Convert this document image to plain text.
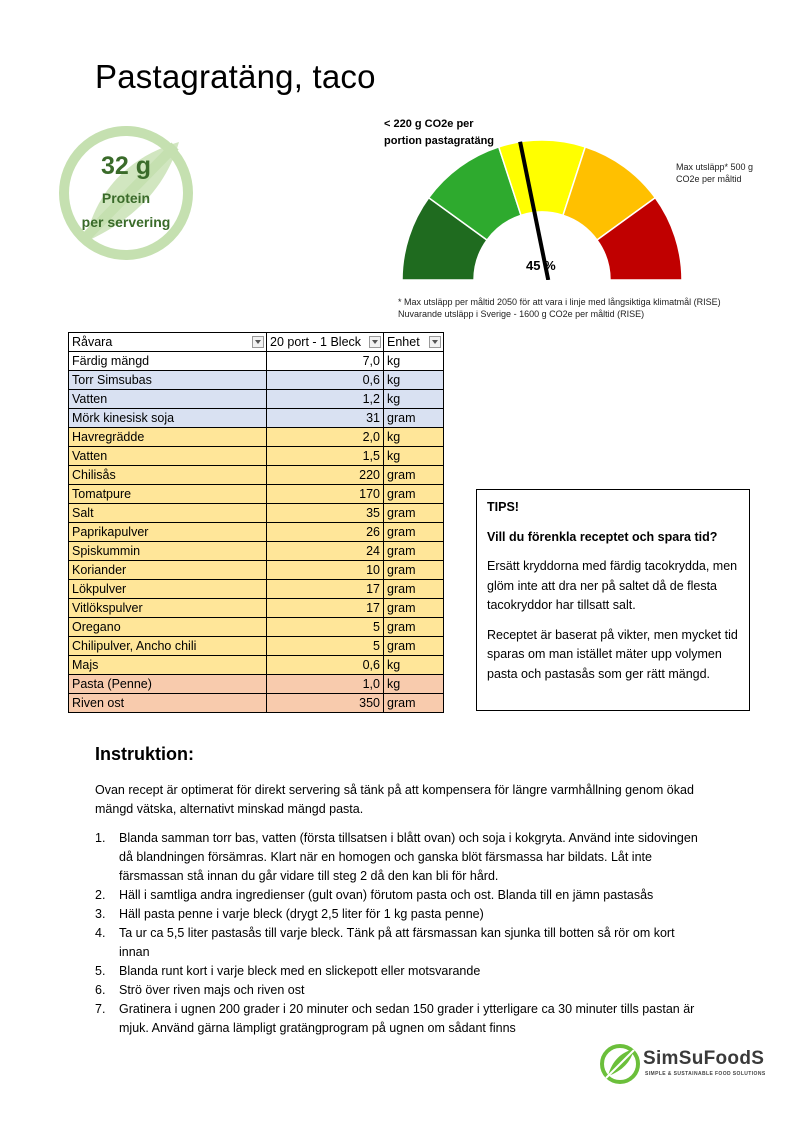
Pastagratäng, taco
32 g
Protein
per servering
< 220 g CO2e per portion pastagratäng
45 %
Max utsläpp* 500 g CO2e per måltid
* Max utsläpp per måltid 2050 för att vara i linje med långsiktiga klimatmål (RISE)
Nuvarande utsläpp i Sverige - 1600 g CO2e per måltid (RISE)
Råvara	20 port - 1 Bleck	Enhet

Färdig mängd	7,0	kg
Torr Simsubas	0,6	kg
Vatten	1,2	kg
Mörk kinesisk soja	31	gram
Havregrädde	2,0	kg
Vatten	1,5	kg
Chilisås	220	gram
Tomatpure	170	gram
Salt	35	gram
Paprikapulver	26	gram
Spiskummin	24	gram
Koriander	10	gram
Lökpulver	17	gram
Vitlökspulver	17	gram
Oregano	5	gram
Chilipulver, Ancho chili	5	gram
Majs	0,6	kg
Pasta (Penne)	1,0	kg
Riven ost	350	gram
TIPS!
Vill du förenkla receptet och spara tid?

Ersätt kryddorna med färdig tacokrydda, men glöm inte att dra ner på saltet då de flesta tacokryddor har tillsatt salt.

Receptet är baserat på vikter, men mycket tid sparas om man istället mäter upp volymen pasta och pastasås som ger rätt mängd.

Instruktion:
Ovan recept är optimerat för direkt servering så tänk på att kompensera för längre varmhållning genom ökad mängd vätska, alternativt minskad mängd pasta.
1. Blanda samman torr bas, vatten (första tillsatsen i blått ovan) och soja i kokgryta. Använd inte sidovingen då blandningen försämras. Klart när en homogen och ganska blöt färsmassa har bildats. Låt inte färsmassan stå innan du går vidare till steg 2 då den kan bli för hård.
2. Häll i samtliga andra ingredienser (gult ovan) förutom pasta och ost. Blanda till en jämn pastasås
3. Häll pasta penne i varje bleck (drygt 2,5 liter för 1 kg pasta penne)
4. Ta ur ca 5,5 liter pastasås till varje bleck. Tänk på att färsmassan kan sjunka till botten så rör om kort innan
5. Blanda runt kort i varje bleck med en slickepott eller motsvarande
6. Strö över riven majs och riven ost
7. Gratinera i ugnen 200 grader i 20 minuter och sedan 150 grader i ytterligare ca 30 minuter tills pastan är mjuk. Använd gärna lämpligt gratängprogram på ugnen om sådant finns
SimSuFoodS
SIMPLE & SUSTAINABLE FOOD SOLUTIONS
